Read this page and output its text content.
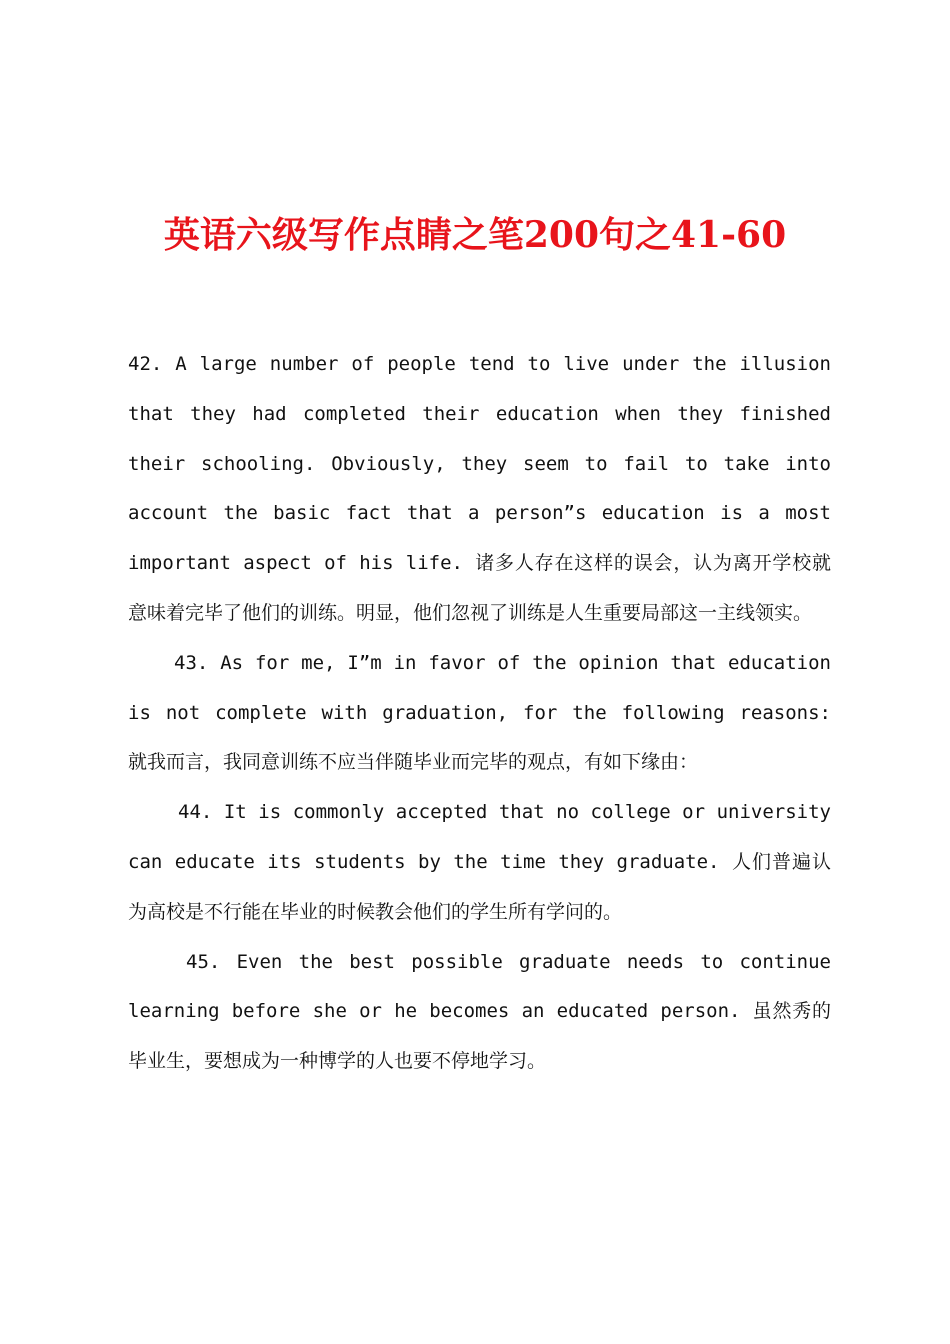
英语六级写作点睛之笔200句之41-60

42. A large number of people tend to live under the illusion that they had completed their education when they finished their schooling. Obviously, they seem to fail to take into account the basic fact that a person”s education is a most important aspect of his life. 诸多人存在这样的误会，认为离开学校就意味着完毕了他们的训练。明显，他们忽视了训练是人生重要局部这一主线领实。

43. As for me, I”m in favor of the opinion that education is not complete with graduation, for the following reasons: 就我而言，我同意训练不应当伴随毕业而完毕的观点，有如下缘由：

44. It is commonly accepted that no college or university can educate its students by the time they graduate. 人们普遍认为高校是不行能在毕业的时候教会他们的学生所有学问的。

45. Even the best possible graduate needs to continue learning before she or he becomes an educated person. 虽然秀的毕业生，要想成为一种博学的人也要不停地学习。
